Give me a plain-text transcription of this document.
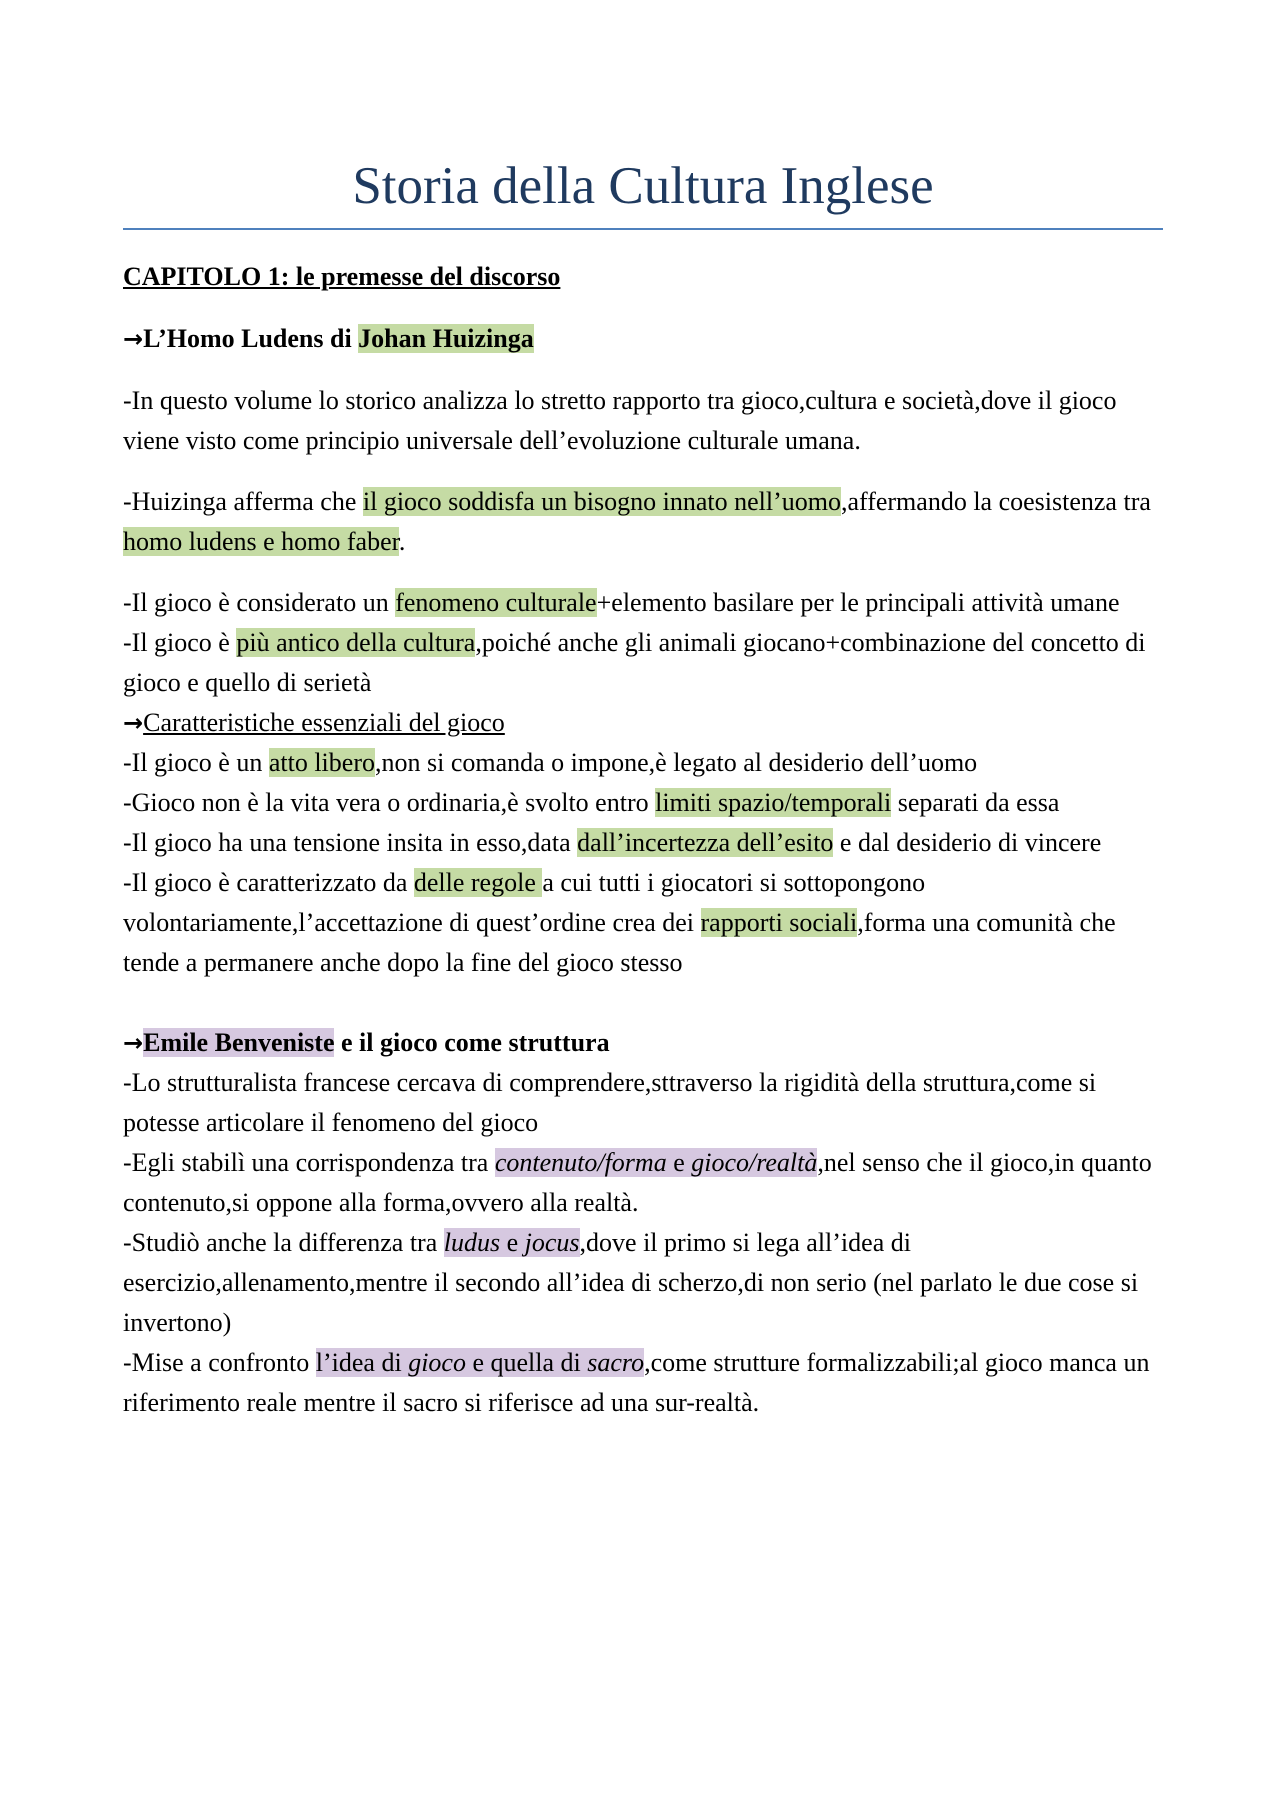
Storia della Cultura Inglese

CAPITOLO 1: le premesse del discorso

→L’Homo Ludens di Johan Huizinga

-In questo volume lo storico analizza lo stretto rapporto tra gioco,cultura e società,dove il gioco viene visto come principio universale dell’evoluzione culturale umana.

-Huizinga afferma che il gioco soddisfa un bisogno innato nell’uomo,affermando la coesistenza tra homo ludens e homo faber.

-Il gioco è considerato un fenomeno culturale+elemento basilare per le principali attività umane

-Il gioco è più antico della cultura,poiché anche gli animali giocano+combinazione del concetto di gioco e quello di serietà

→Caratteristiche essenziali del gioco

-Il gioco è un atto libero,non si comanda o impone,è legato al desiderio dell’uomo

-Gioco non è la vita vera o ordinaria,è svolto entro limiti spazio/temporali separati da essa

-Il gioco ha una tensione insita in esso,data dall’incertezza dell’esito e dal desiderio di vincere

-Il gioco è caratterizzato da delle regole a cui tutti i giocatori si sottopongono volontariamente,l’accettazione di quest’ordine crea dei rapporti sociali,forma una comunità che tende a permanere anche dopo la fine del gioco stesso

→Emile Benveniste e il gioco come struttura

-Lo strutturalista francese cercava di comprendere,sttraverso la rigidità della struttura,come si potesse articolare il fenomeno del gioco

-Egli stabilì una corrispondenza tra contenuto/forma e gioco/realtà,nel senso che il gioco,in quanto contenuto,si oppone alla forma,ovvero alla realtà.

-Studiò anche la differenza tra ludus e jocus,dove il primo si lega all’idea di esercizio,allenamento,mentre il secondo all’idea di scherzo,di non serio (nel parlato le due cose si invertono)

-Mise a confronto l’idea di gioco e quella di sacro,come strutture formalizzabili;al gioco manca un riferimento reale mentre il sacro si riferisce ad una sur-realtà.
